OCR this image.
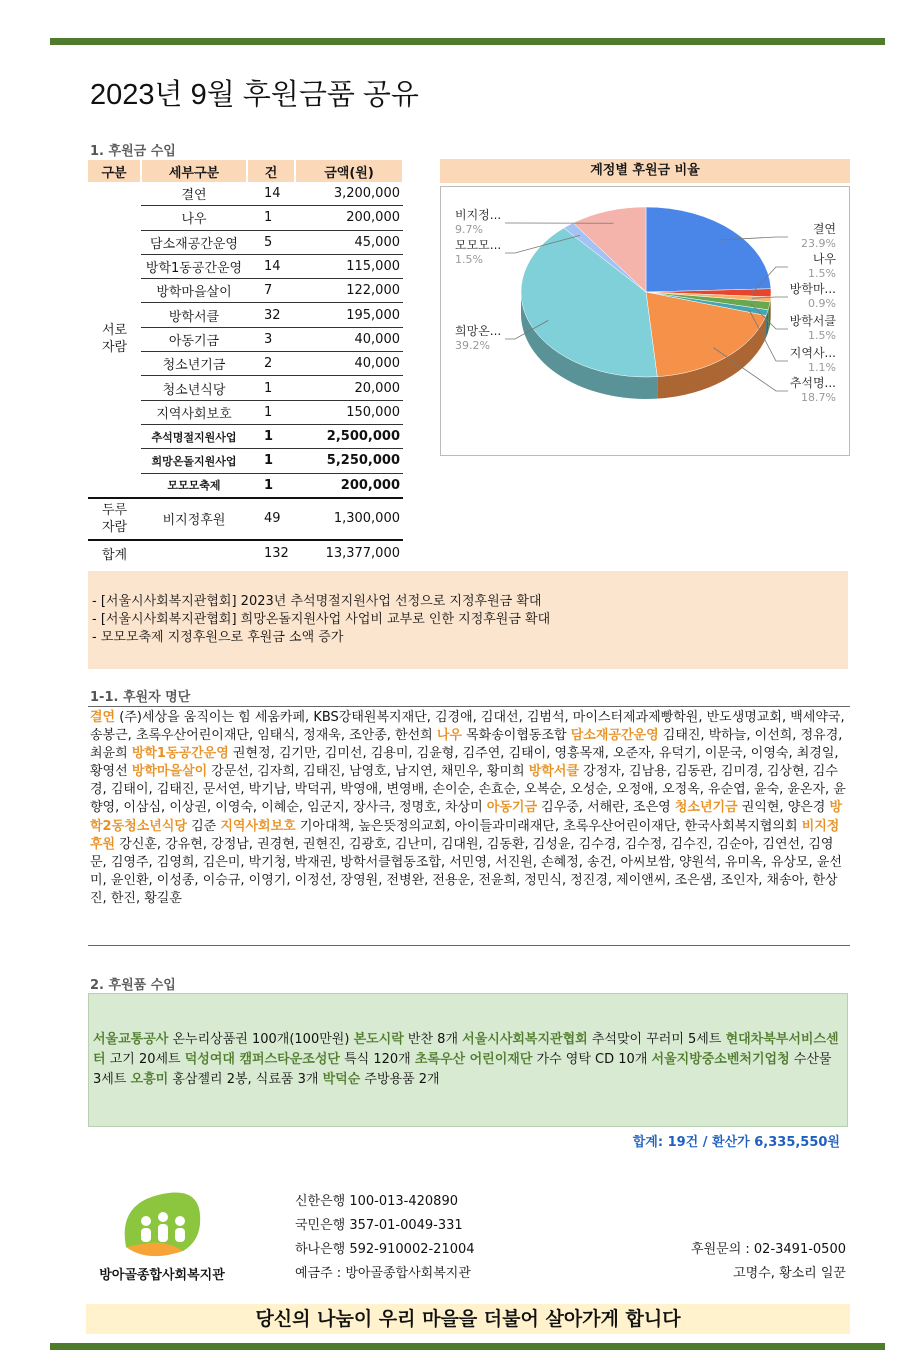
2023년 9월 후원금품 공유
1. 후원금 수입
구분	세부구분	건	금액(원)
서로
자람	결연	14	3,200,000
	나우	1	200,000
	담소재공간운영	5	45,000
	방학1동공간운영	14	115,000
	방학마을살이	7	122,000
	방학서클	32	195,000
	아동기금	3	40,000
	청소년기금	2	40,000
	청소년식당	1	20,000
	지역사회보호	1	150,000
	추석명절지원사업	1	2,500,000
	희망온돌지원사업	1	5,250,000
	모모모축제	1	200,000
두루
자람	비지정후원	49	1,300,000
합계		132	13,377,000
계정별 후원금 비율
결연
23.9%
나우
1.5%
방학마...
0.9%
방학서클
1.5%
지역사...
1.1%
추석명...
18.7%
희망온...
39.2%
모모모...
1.5%
비지정...
9.7%
- [서울시사회복지관협회] 2023년 추석명절지원사업 선정으로 지정후원금 확대
- [서울시사회복지관협회] 희망온돌지원사업 사업비 교부로 인한 지정후원금 확대
- 모모모축제 지정후원으로 후원금 소액 증가
1-1. 후원자 명단
결연 (주)세상을 움직이는 힘 세움카페, KBS강태원복지재단, 김경애, 김대선, 김범석, 마이스터제과제빵학원, 반도생명교회, 백세약국, 송봉근, 초록우산어린이재단, 임태식, 정재욱, 조안종, 한선희 나우 목화송이협동조합 담소재공간운영 김태진, 박하늘, 이선희, 정유경, 최윤희 방학1동공간운영 권현정, 김기만, 김미선, 김용미, 김윤형, 김주연, 김태이, 영흥목재, 오준자, 유덕기, 이문국, 이영숙, 최경일, 황영선 방학마을살이 강문선, 김자희, 김태진, 남영호, 남지연, 채민우, 황미희 방학서클 강정자, 김남용, 김동관, 김미경, 김상현, 김수경, 김태이, 김태진, 문서연, 박기남, 박덕귀, 박영애, 변영배, 손이순, 손효순, 오복순, 오성순, 오정애, 오정옥, 유순엽, 윤숙, 윤온자, 윤향영, 이삼심, 이상권, 이영숙, 이혜순, 임군지, 장사극, 정명호, 차상미 아동기금 김우중, 서해란, 조은영 청소년기금 권익현, 양은경 방학2동청소년식당 김준 지역사회보호 기아대책, 높은뜻정의교회, 아이들과미래재단, 초록우산어린이재단, 한국사회복지협의회 비지정후원 강신훈, 강유현, 강정남, 권경현, 권현진, 김광호, 김난미, 김대원, 김동환, 김성윤, 김수경, 김수정, 김수진, 김순아, 김연선, 김영문, 김영주, 김영희, 김은미, 박기청, 박재권, 방학서클협동조합, 서민영, 서진원, 손혜정, 송건, 아씨보쌈, 양원석, 유미옥, 유상모, 윤선미, 윤인환, 이성종, 이승규, 이영기, 이정선, 장영원, 전병완, 전용운, 전윤희, 정민식, 정진경, 제이앤씨, 조은샘, 조인자, 채송아, 한상진, 한진, 황길훈
2. 후원품 수입
서울교통공사 온누리상품권 100개(100만원) 본도시락 반찬 8개 서울시사회복지관협회 추석맞이 꾸러미 5세트 현대차북부서비스센터 고기 20세트 덕성여대 캠퍼스타운조성단 특식 120개 초록우산 어린이재단 가수 영탁 CD 10개 서울지방중소벤처기업청 수산물 3세트 오흥미 홍삼젤리 2봉, 식료품 3개 박덕순 주방용품 2개
합계: 19건 / 환산가 6,335,550원
방아골종합사회복지관
신한은행 100-013-420890
국민은행 357-01-0049-331
하나은행 592-910002-21004
예금주 : 방아골종합사회복지관
후원문의 : 02-3491-0500
고명수, 황소리 일꾼
당신의 나눔이 우리 마을을 더불어 살아가게 합니다
